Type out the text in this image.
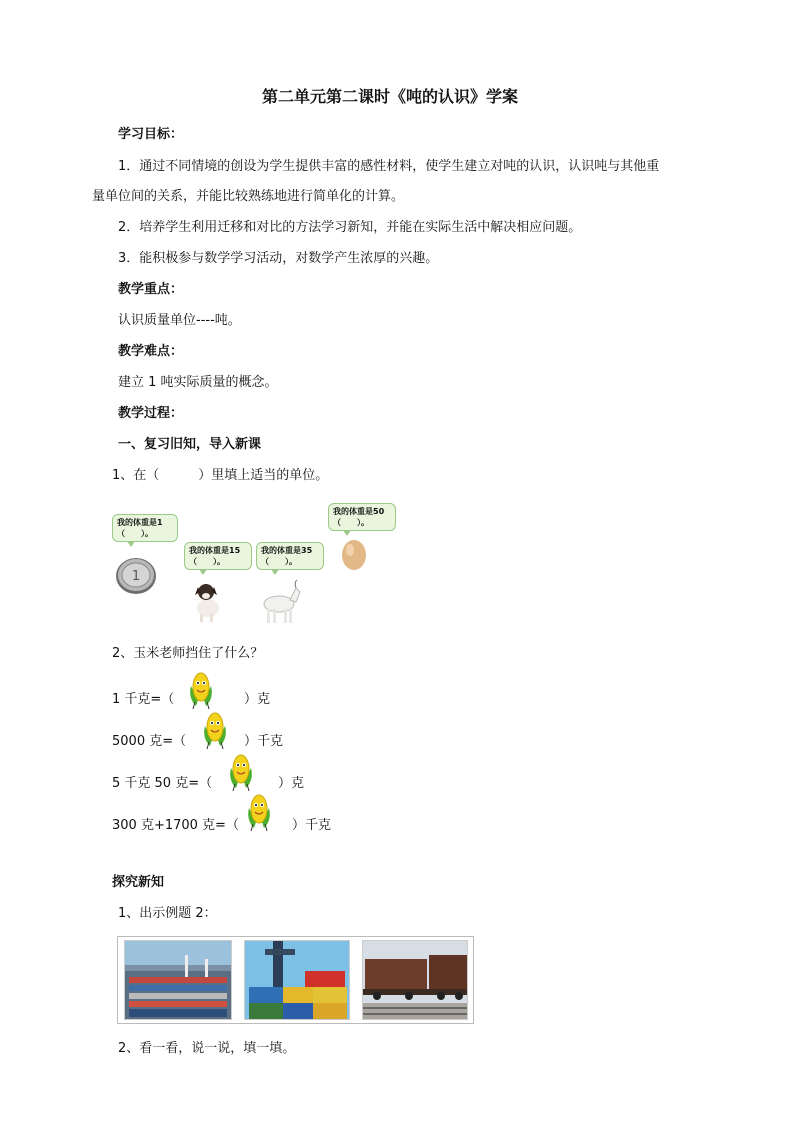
第二单元第二课时《吨的认识》学案
学习目标：
1．通过不同情境的创设为学生提供丰富的感性材料，使学生建立对吨的认识，认识吨与其他重
量单位间的关系，并能比较熟练地进行简单化的计算。
2．培养学生利用迁移和对比的方法学习新知，并能在实际生活中解决相应问题。
3．能积极参与数学学习活动，对数学产生浓厚的兴趣。
教学重点：
认识质量单位----吨。
教学难点：
建立 1 吨实际质量的概念。
教学过程：
一、复习旧知，导入新课
1、在（　　　）里填上适当的单位。
我的体重是1
（　　）。
我的体重是15
（　　）。
我的体重是35
（　　）。
我的体重是50
（　　）。
1
2、玉米老师挡住了什么？
1 千克=（	）克
5000 克=（	）千克
5 千克 50 克=（	）克
300 克+1700 克=（	）千克
探究新知
1、出示例题 2：
2、看一看，说一说，填一填。
